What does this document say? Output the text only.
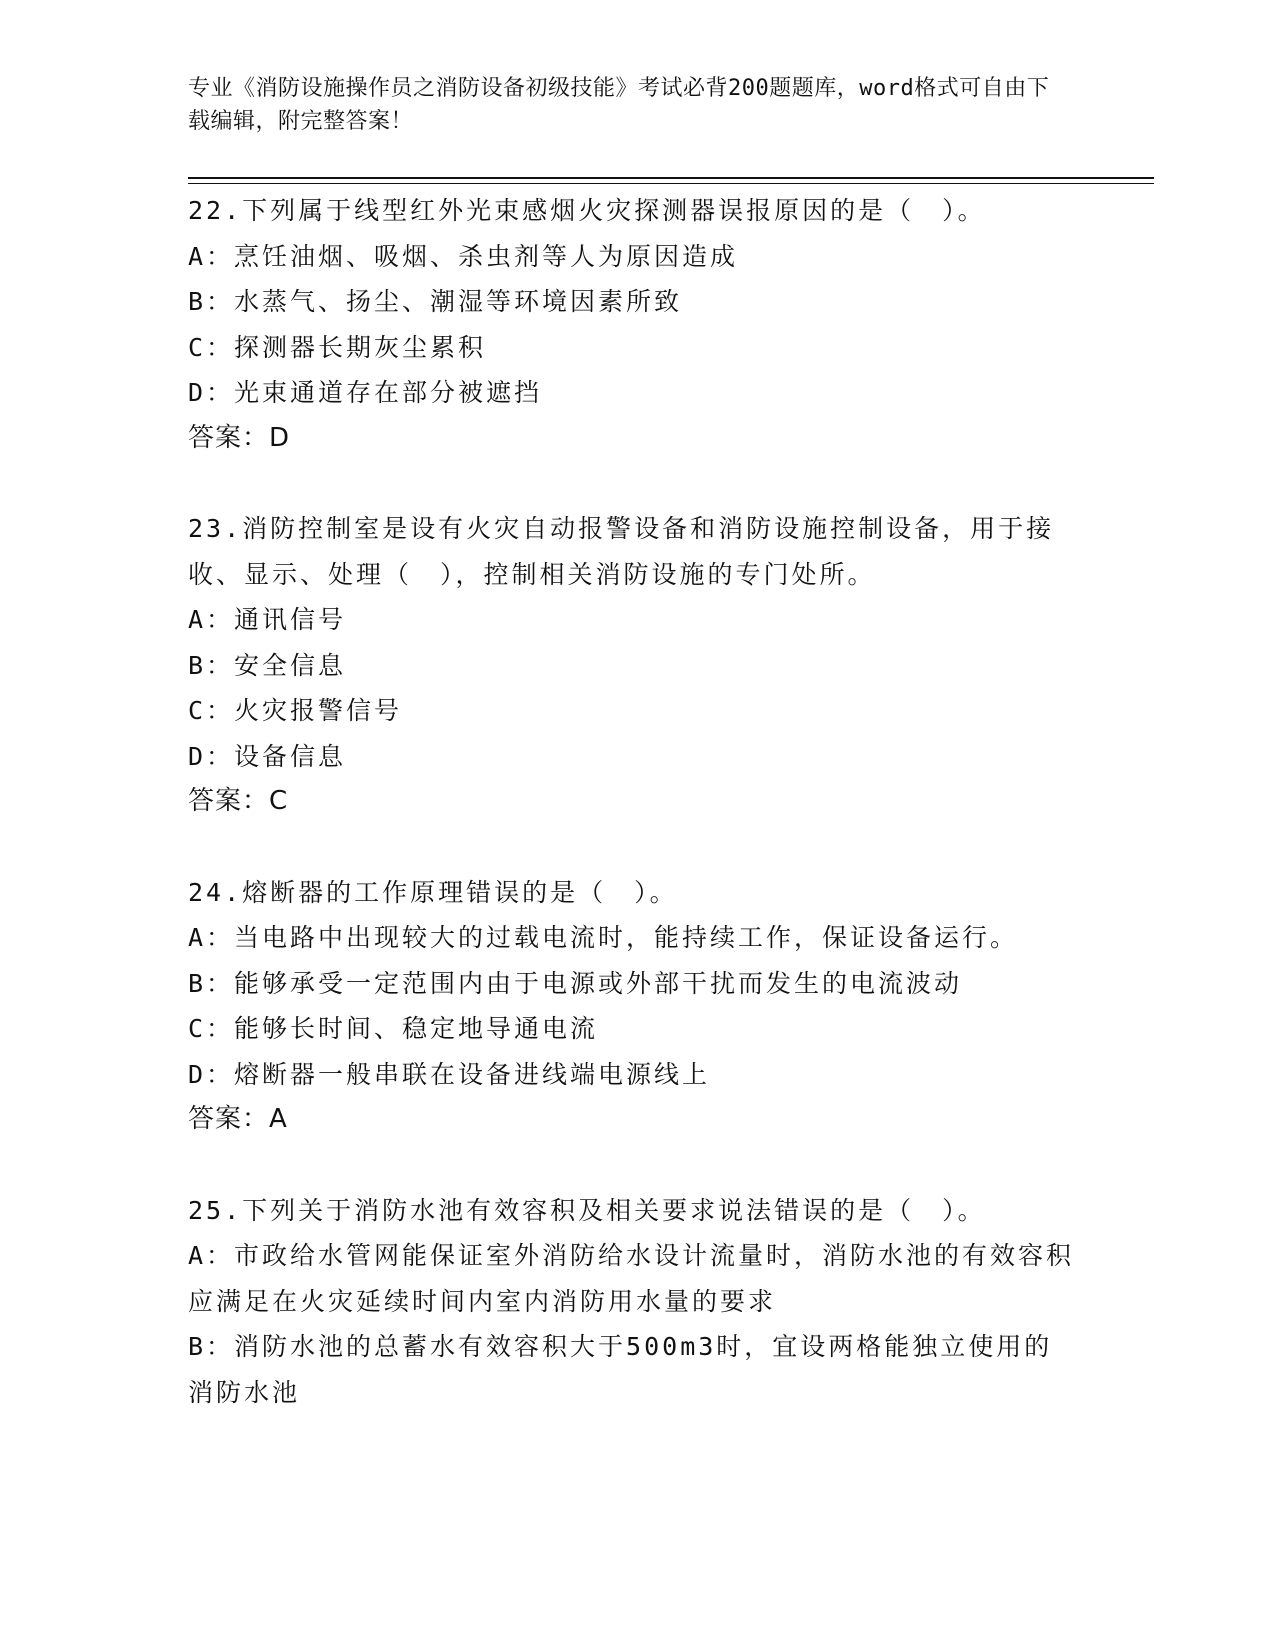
专业《消防设施操作员之消防设备初级技能》考试必背200题题库，word格式可自由下载编辑，附完整答案！

22.下列属于线型红外光束感烟火灾探测器误报原因的是（　）。

A：烹饪油烟、吸烟、杀虫剂等人为原因造成

B：水蒸气、扬尘、潮湿等环境因素所致

C：探测器长期灰尘累积

D：光束通道存在部分被遮挡

答案：D

23.消防控制室是设有火灾自动报警设备和消防设施控制设备，用于接收、显示、处理（　），控制相关消防设施的专门处所。

A：通讯信号

B：安全信息

C：火灾报警信号

D：设备信息

答案：C

24.熔断器的工作原理错误的是（　）。

A：当电路中出现较大的过载电流时，能持续工作，保证设备运行。

B：能够承受一定范围内由于电源或外部干扰而发生的电流波动

C：能够长时间、稳定地导通电流

D：熔断器一般串联在设备进线端电源线上

答案：A

25.下列关于消防水池有效容积及相关要求说法错误的是（　）。

A：市政给水管网能保证室外消防给水设计流量时，消防水池的有效容积应满足在火灾延续时间内室内消防用水量的要求

B：消防水池的总蓄水有效容积大于500m3时，宜设两格能独立使用的消防水池
